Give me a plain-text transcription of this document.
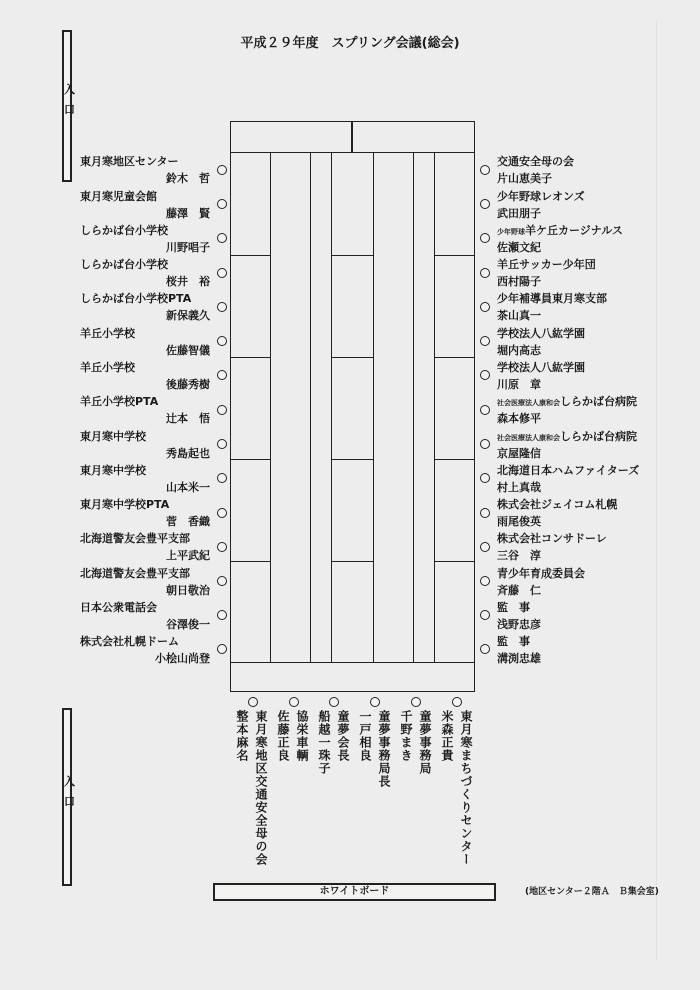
平成２９年度　スプリング会議(総会)
入
口
入
口
東月寒地区センター
鈴木　哲
東月寒児童会館
藤澤　賢
しらかば台小学校
川野唱子
しらかば台小学校
桜井　裕
しらかば台小学校PTA
新保義久
羊丘小学校
佐藤智儀
羊丘小学校
後藤秀樹
羊丘小学校PTA
辻本　悟
東月寒中学校
秀島起也
東月寒中学校
山本米一
東月寒中学校PTA
菅　香織
北海道警友会豊平支部
上平武紀
北海道警友会豊平支部
朝日敬治
日本公衆電話会
谷澤俊一
株式会社札幌ドーム
小桧山尚登
交通安全母の会
片山恵美子
少年野球レオンズ
武田朋子
少年野球羊ケ丘カージナルス
佐瀬文紀
羊丘サッカー少年団
西村陽子
少年補導員東月寒支部
茶山真一
学校法人八紘学園
堀内高志
学校法人八紘学園
川原　章
社会医療法人康和会しらかば台病院
森本修平
社会医療法人康和会しらかば台病院
京屋隆信
北海道日本ハムファイターズ
村上真哉
株式会社ジェイコム札幌
雨尾俊英
株式会社コンサドーレ
三谷　淳
青少年育成委員会
斉藤　仁
監　事
浅野忠彦
監　事
溝渕忠雄
整本麻名 東月寒地区交通安全母の会 佐藤正良 協栄車輌 船越一珠子 童夢会長 一戸相良 童夢事務局長 千野まき 童夢事務局 米森正貴 東月寒まちづくりセンター
ホワイトボード	(地区センター２階Ａ　Ｂ集会室)
